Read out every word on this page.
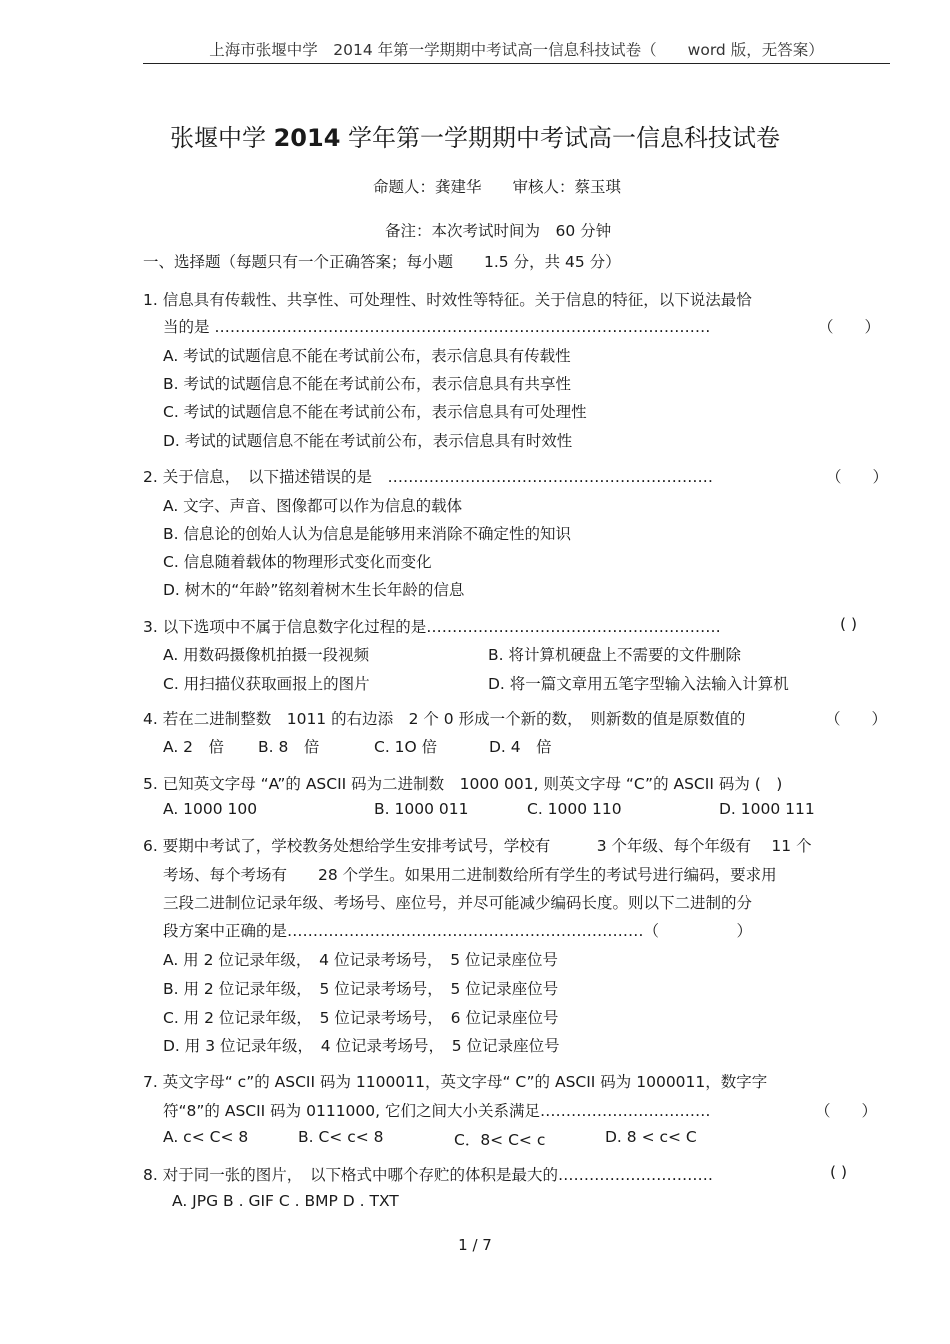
上海市张堰中学　2014 年第一学期期中考试高一信息科技试卷（　　word 版，无答案）
张堰中学 2014 学年第一学期期中考试高一信息科技试卷
命题人：龚建华　　审核人：蔡玉琪
备注：本次考试时间为　60 分钟
一、选择题（每题只有一个正确答案；每小题　　1.5 分，共 45 分）
1. 信息具有传载性、共享性、可处理性、时效性等特征。关于信息的特征，以下说法最恰
当的是 ……………………………………………………………………………………	（　　）
A. 考试的试题信息不能在考试前公布，表示信息具有传载性
B. 考试的试题信息不能在考试前公布，表示信息具有共享性
C. 考试的试题信息不能在考试前公布，表示信息具有可处理性
D. 考试的试题信息不能在考试前公布，表示信息具有时效性
2. 关于信息，　以下描述错误的是　………………………………………………………	（　　）
A. 文字、声音、图像都可以作为信息的载体
B. 信息论的创始人认为信息是能够用来消除不确定性的知识
C. 信息随着载体的物理形式变化而变化
D. 树木的“年龄”铭刻着树木生长年龄的信息
3. 以下选项中不属于信息数字化过程的是…………………………………………………	( )
A. 用数码摄像机拍摄一段视频	B. 将计算机硬盘上不需要的文件删除
C. 用扫描仪获取画报上的图片	D. 将一篇文章用五笔字型输入法输入计算机
4. 若在二进制整数　1011 的右边添　2 个 0 形成一个新的数，　则新数的值是原数值的	（　　）
A. 2　倍 B. 8　倍	C. 1O 倍	D. 4　倍
5. 已知英文字母 “A”的 ASCII 码为二进制数　1000 001, 则英文字母 “C”的 ASCII 码为 (　)
A. 1000 100	B. 1000 011	C. 1000 110	D. 1000 111
6. 要期中考试了，学校教务处想给学生安排考试号，学校有　　　3 个年级、每个年级有　 11 个
考场、每个考场有　　28 个学生。如果用二进制数给所有学生的考试号进行编码，要求用
三段二进制位记录年级、考场号、座位号，并尽可能减少编码长度。则以下二进制的分
段方案中正确的是……………………………………………………………（　　　　　）
A. 用 2 位记录年级，　4 位记录考场号，　5 位记录座位号
B. 用 2 位记录年级，　5 位记录考场号，　5 位记录座位号
C. 用 2 位记录年级，　5 位记录考场号，　6 位记录座位号
D. 用 3 位记录年级，　4 位记录考场号，　5 位记录座位号
7. 英文字母“ c”的 ASCII 码为 1100011，英文字母“ C”的 ASCII 码为 1000011，数字字
符“8”的 ASCII 码为 0111000, 它们之间大小关系满足……………………………	（　　）
A. c< C< 8	B. C< c< 8	C．8< C< c	D. 8 < c< C
8. 对于同一张的图片，　以下格式中哪个存贮的体积是最大的…………………………	( )
A. JPG B . GIF C . BMP D . TXT
1 / 7
